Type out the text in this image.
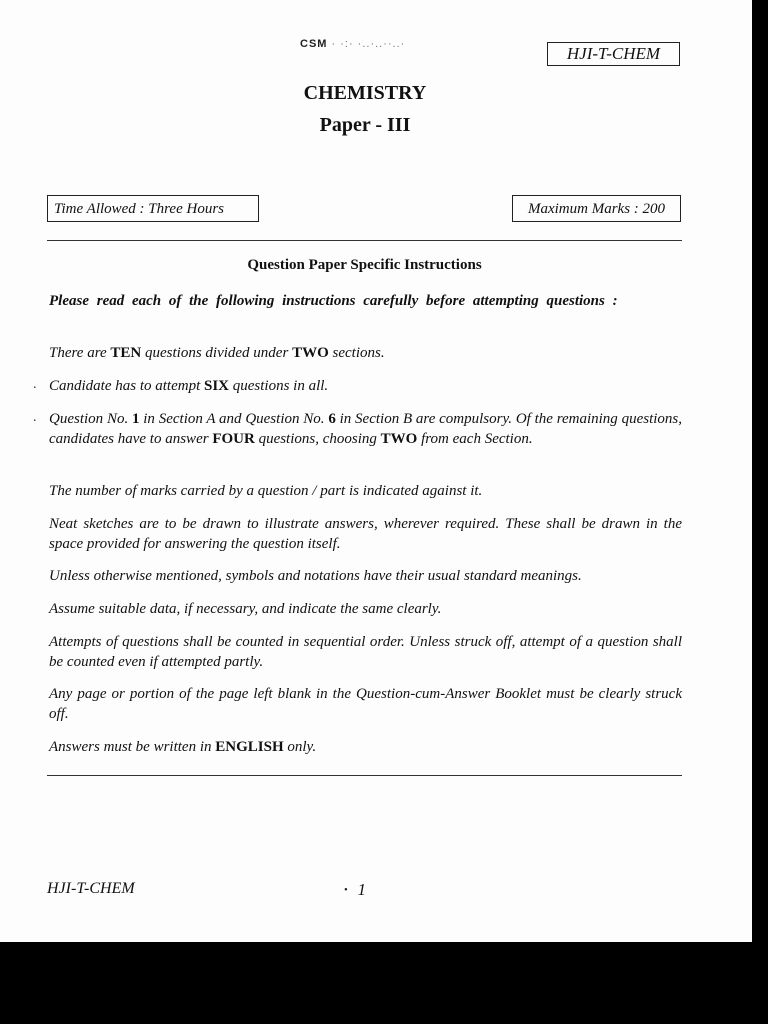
CSM · ·:· ·..·..··..·	HJI-T-CHEM
CHEMISTRY
Paper - III
Time Allowed : Three Hours	Maximum Marks : 200
Question Paper Specific Instructions
Please read each of the following instructions carefully before attempting questions :
There are TEN questions divided under TWO sections.
Candidate has to attempt SIX questions in all.
.
Question No. 1 in Section A and Question No. 6 in Section B are compulsory. Of the remaining questions, candidates have to answer FOUR questions, choosing TWO from each Section.
.
The number of marks carried by a question / part is indicated against it.
Neat sketches are to be drawn to illustrate answers, wherever required. These shall be drawn in the space provided for answering the question itself.
Unless otherwise mentioned, symbols and notations have their usual standard meanings.
Assume suitable data, if necessary, and indicate the same clearly.
Attempts of questions shall be counted in sequential order. Unless struck off, attempt of a question shall be counted even if attempted partly.
Any page or portion of the page left blank in the Question-cum-Answer Booklet must be clearly struck off.
Answers must be written in ENGLISH only.
HJI-T-CHEM	• 1
